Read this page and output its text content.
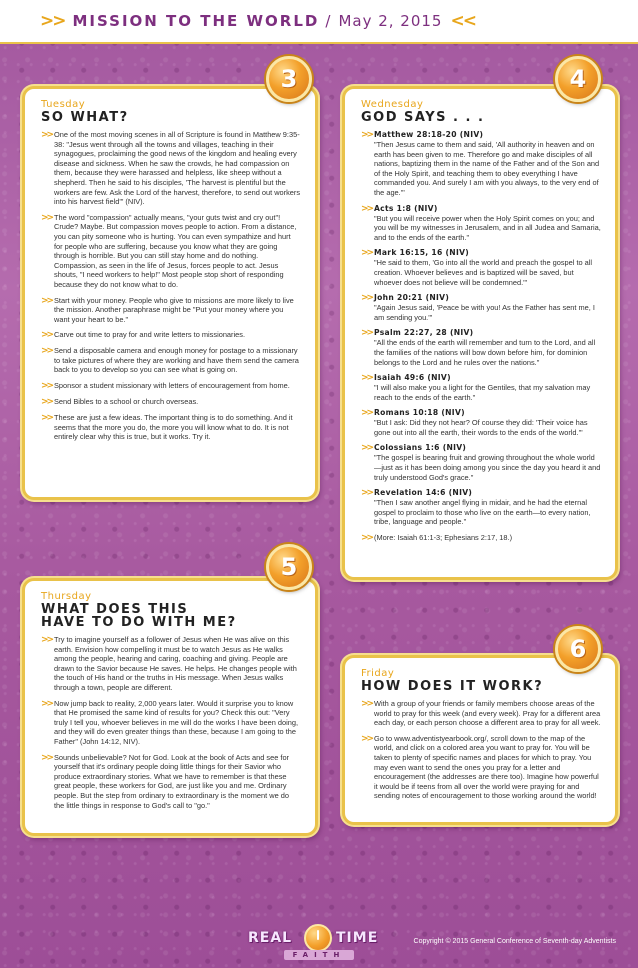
>> MISSION TO THE WORLD / May 2, 2015 <<
Tuesday
SO WHAT?
>> One of the most moving scenes in all of Scripture is found in Matthew 9:35-38: "Jesus went through all the towns and villages, teaching in their synagogues, proclaiming the good news of the kingdom and healing every disease and sickness. When he saw the crowds, he had compassion on them, because they were harassed and helpless, like sheep without a shepherd. Then he said to his disciples, 'The harvest is plentiful but the workers are few. Ask the Lord of the harvest, therefore, to send out workers into his harvest field'" (NIV).
>> The word "compassion" actually means, "your guts twist and cry out"! Crude? Maybe. But compassion moves people to action. From a distance, you can pity someone who is hurting. You can even sympathize and hurt for people who are suffering, because you know what they are going through is horrible. But you can still stay home and do nothing. Compassion, as seen in the life of Jesus, forces people to act. Jesus shouts, "I need workers to help!" Most people stop short of responding because they do not know what to do.
>> Start with your money. People who give to missions are more likely to live the mission. Another paraphrase might be "Put your money where you want your heart to be."
>> Carve out time to pray for and write letters to missionaries.
>> Send a disposable camera and enough money for postage to a missionary to take pictures of where they are working and have them send the camera back to you to develop so you can see what is going on.
>> Sponsor a student missionary with letters of encouragement from home.
>> Send Bibles to a school or church overseas.
>> These are just a few ideas. The important thing is to do something. And it seems that the more you do, the more you will know what to do. It is not entirely clear why this is true, but it works. Try it.
3
Wednesday
GOD SAYS . . .
>> Matthew 28:18-20 (NIV)
"Then Jesus came to them and said, 'All authority in heaven and on earth has been given to me. Therefore go and make disciples of all nations, baptizing them in the name of the Father and of the Son and of the Holy Spirit, and teaching them to obey everything I have commanded you. And surely I am with you always, to the very end of the age.'"
>> Acts 1:8 (NIV)
"But you will receive power when the Holy Spirit comes on you; and you will be my witnesses in Jerusalem, and in all Judea and Samaria, and to the ends of the earth."
>> Mark 16:15, 16 (NIV)
"He said to them, 'Go into all the world and preach the gospel to all creation. Whoever believes and is baptized will be saved, but whoever does not believe will be condemned.'"
>> John 20:21 (NIV)
"Again Jesus said, 'Peace be with you! As the Father has sent me, I am sending you.'"
>> Psalm 22:27, 28 (NIV)
"All the ends of the earth will remember and turn to the Lord, and all the families of the nations will bow down before him, for dominion belongs to the Lord and he rules over the nations."
>> Isaiah 49:6 (NIV)
"I will also make you a light for the Gentiles, that my salvation may reach to the ends of the earth."
>> Romans 10:18 (NIV)
"But I ask: Did they not hear? Of course they did: 'Their voice has gone out into all the earth, their words to the ends of the world.'"
>> Colossians 1:6 (NIV)
"The gospel is bearing fruit and growing throughout the whole world—just as it has been doing among you since the day you heard it and truly understood God's grace."
>> Revelation 14:6 (NIV)
"Then I saw another angel flying in midair, and he had the eternal gospel to proclaim to those who live on the earth—to every nation, tribe, language and people."
>> (More: Isaiah 61:1-3; Ephesians 2:17, 18.)
4
Thursday
WHAT DOES THIS
HAVE TO DO WITH ME?
>> Try to imagine yourself as a follower of Jesus when He was alive on this earth. Envision how compelling it must be to watch Jesus as He walks among the people, hearing and caring, coaching and giving. People are drawn to the Savior because He saves. He helps. He changes people with the touch of His hand or the truths in His message. When Jesus walks through a town, people are different.
>> Now jump back to reality, 2,000 years later. Would it surprise you to know that He promised the same kind of results for you? Check this out: "Very truly I tell you, whoever believes in me will do the works I have been doing, and they will do even greater things than these, because I am going to the Father" (John 14:12, NIV).
>> Sounds unbelievable? Not for God. Look at the book of Acts and see for yourself that it's ordinary people doing little things for their Savior who produce extraordinary stories. What we have to remember is that these great people, these workers for God, are just like you and me. Ordinary people. But the step from ordinary to extraordinary is the moment we do the little things in response to God's call to "go."
5
Friday
HOW DOES IT WORK?
>> With a group of your friends or family members choose areas of the world to pray for this week (and every week). Pray for a different area each day, or each person choose a different area to pray for all week.
>> Go to www.adventistyearbook.org/, scroll down to the map of the world, and click on a colored area you want to pray for. You will be taken to plenty of specific names and places for which to pray. You may even want to send the ones you pray for a letter and encouragement (the addresses are there too). Imagine how powerful it would be if teens from all over the world were praying for and sending notes of encouragement to those working around the world!
6
REAL	TIME
FAITH
Copyright © 2015 General Conference of Seventh-day Adventists
